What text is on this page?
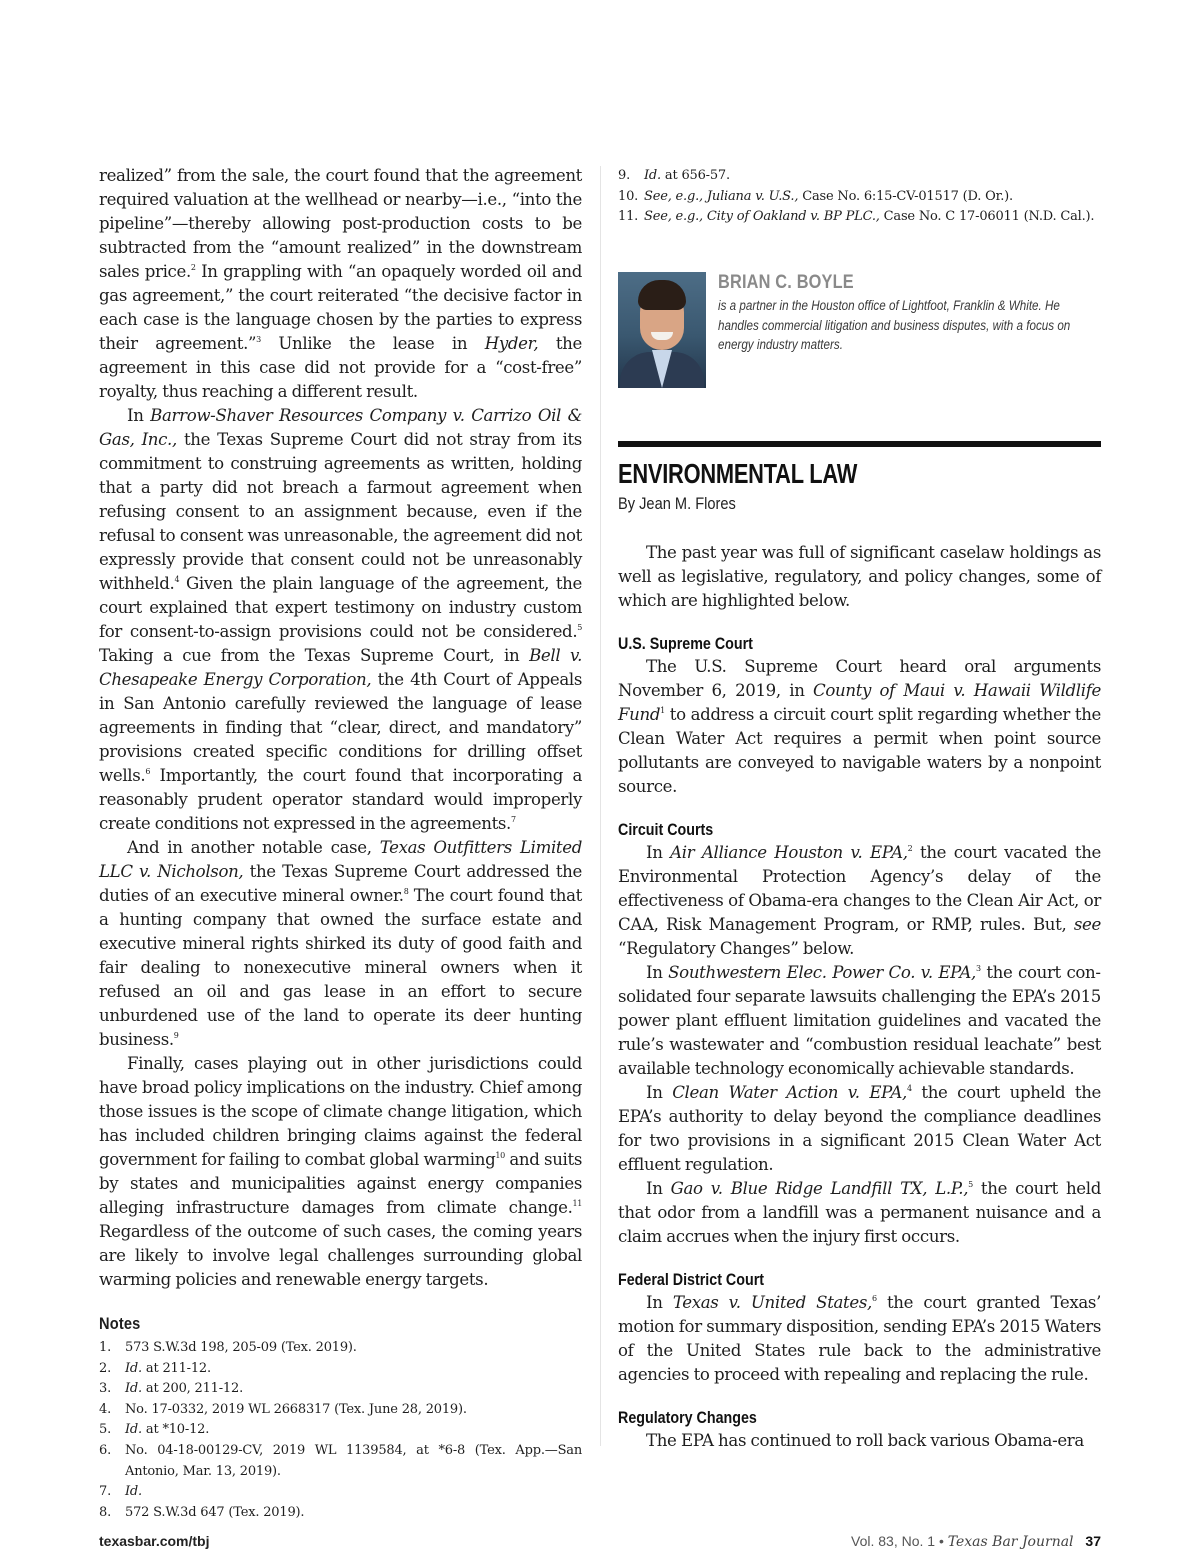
realized” from the sale, the court found that the agreement required valuation at the wellhead or nearby—i.e., “into the pipeline”—thereby allowing post-production costs to be subtracted from the “amount realized” in the downstream sales price.$^2$ In grappling with “an opaquely worded oil and gas agreement,” the court reiterated “the decisive factor in each case is the language chosen by the parties to express their agreement.”$^3$ Unlike the lease in Hyder, the agreement in this case did not provide for a “cost-free” royalty, thus reaching a different result.

In Barrow-Shaver Resources Company v. Carrizo Oil & Gas, Inc., the Texas Supreme Court did not stray from its commitment to construing agreements as written, holding that a party did not breach a farmout agreement when refusing consent to an assignment because, even if the refusal to consent was unreasonable, the agreement did not expressly provide that consent could not be unreasonably withheld.$^4$ Given the plain language of the agreement, the court explained that expert testimony on industry custom for consent-to-assign provisions could not be considered.$^5$ Taking a cue from the Texas Supreme Court, in Bell v. Chesapeake Energy Corporation, the 4th Court of Appeals in San Antonio carefully reviewed the language of lease agreements in finding that “clear, direct, and mandatory” provisions created specific conditions for drilling offset wells.$^6$ Importantly, the court found that incorporating a reasonably prudent operator standard would improperly create conditions not expressed in the agreements.$^7$

And in another notable case, Texas Outfitters Limited LLC v. Nicholson, the Texas Supreme Court addressed the duties of an executive mineral owner.$^8$ The court found that a hunting company that owned the surface estate and executive mineral rights shirked its duty of good faith and fair dealing to nonexecutive mineral owners when it refused an oil and gas lease in an effort to secure unburdened use of the land to operate its deer hunting business.$^9$

Finally, cases playing out in other jurisdictions could have broad policy implications on the industry. Chief among those issues is the scope of climate change litigation, which has included children bringing claims against the federal government for failing to combat global warming$^{10}$ and suits by states and municipalities against energy companies alleging infrastructure damages from climate change.$^{11}$ Regardless of the outcome of such cases, the coming years are likely to involve legal challenges surrounding global warming policies and renewable energy targets.

Notes
1. 573 S.W.3d 198, 205-09 (Tex. 2019).
2. Id. at 211-12.
3. Id. at 200, 211-12.
4. No. 17-0332, 2019 WL 2668317 (Tex. June 28, 2019).
5. Id. at *10-12.
6. No. 04-18-00129-CV, 2019 WL 1139584, at *6-8 (Tex. App.—San Antonio, Mar. 13, 2019).
7. Id.
8. 572 S.W.3d 647 (Tex. 2019).
9. Id. at 656-57.
10. See, e.g., Juliana v. U.S., Case No. 6:15-CV-01517 (D. Or.).
11. See, e.g., City of Oakland v. BP PLC., Case No. C 17-06011 (N.D. Cal.).
BRIAN C. BOYLE
is a partner in the Houston office of Lightfoot, Franklin & White. He handles commercial litigation and business disputes, with a focus on energy industry matters.
ENVIRONMENTAL LAW
By Jean M. Flores

The past year was full of significant caselaw holdings as well as legislative, regulatory, and policy changes, some of which are highlighted below.

U.S. Supreme Court

The U.S. Supreme Court heard oral arguments November 6, 2019, in County of Maui v. Hawaii Wildlife Fund$^1$ to address a circuit court split regarding whether the Clean Water Act requires a permit when point source pollutants are conveyed to navigable waters by a nonpoint source.

Circuit Courts

In Air Alliance Houston v. EPA,$^2$ the court vacated the Environmental Protection Agency’s delay of the effectiveness of Obama-era changes to the Clean Air Act, or CAA, Risk Management Program, or RMP, rules. But, see “Regulatory Changes” below.

In Southwestern Elec. Power Co. v. EPA,$^3$ the court consolidated four separate lawsuits challenging the EPA’s 2015 power plant effluent limitation guidelines and vacated the rule’s wastewater and “combustion residual leachate” best available technology economically achievable standards.

In Clean Water Action v. EPA,$^4$ the court upheld the EPA’s authority to delay beyond the compliance deadlines for two provisions in a significant 2015 Clean Water Act effluent regulation.

In Gao v. Blue Ridge Landfill TX, L.P.,$^5$ the court held that odor from a landfill was a permanent nuisance and a claim accrues when the injury first occurs.

Federal District Court

In Texas v. United States,$^6$ the court granted Texas’ motion for summary disposition, sending EPA’s 2015 Waters of the United States rule back to the administrative agencies to proceed with repealing and replacing the rule.

Regulatory Changes

The EPA has continued to roll back various Obama-era

texasbar.com/tbj	Vol. 83, No. 1 • Texas Bar Journal 37
